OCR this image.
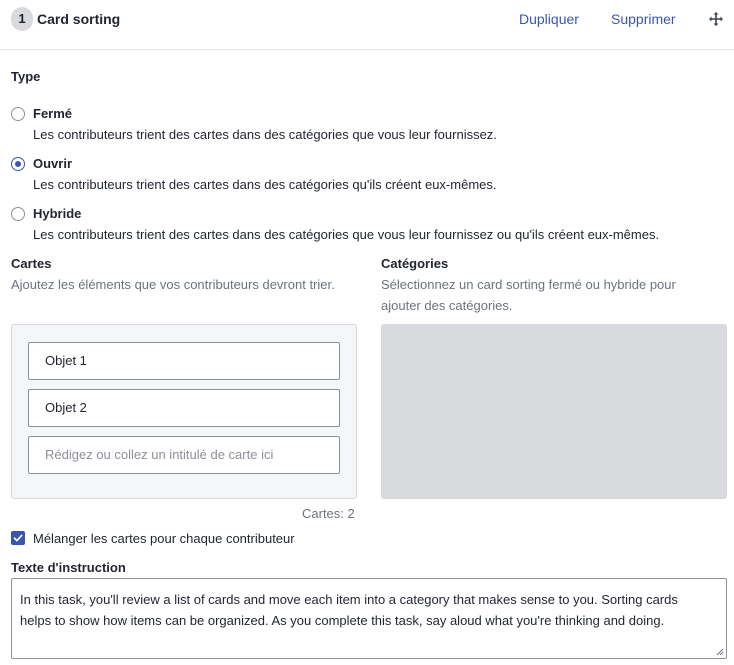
1 Card sorting	Dupliquer Supprimer
Type
Fermé
Les contributeurs trient des cartes dans des catégories que vous leur fournissez.
Ouvrir
Les contributeurs trient des cartes dans des catégories qu'ils créent eux-mêmes.
Hybride
Les contributeurs trient des cartes dans des catégories que vous leur fournissez ou qu'ils créent eux-mêmes.
Cartes
Ajoutez les éléments que vos contributeurs devront trier.
Objet 1
Objet 2
Rédigez ou collez un intitulé de carte ici
Cartes: 2
Catégories
Sélectionnez un card sorting fermé ou hybride pour
ajouter des catégories.
Mélanger les cartes pour chaque contributeur
Texte d'instruction
In this task, you'll review a list of cards and move each item into a category that makes sense to you. Sorting cards
helps to show how items can be organized. As you complete this task, say aloud what you're thinking and doing.
